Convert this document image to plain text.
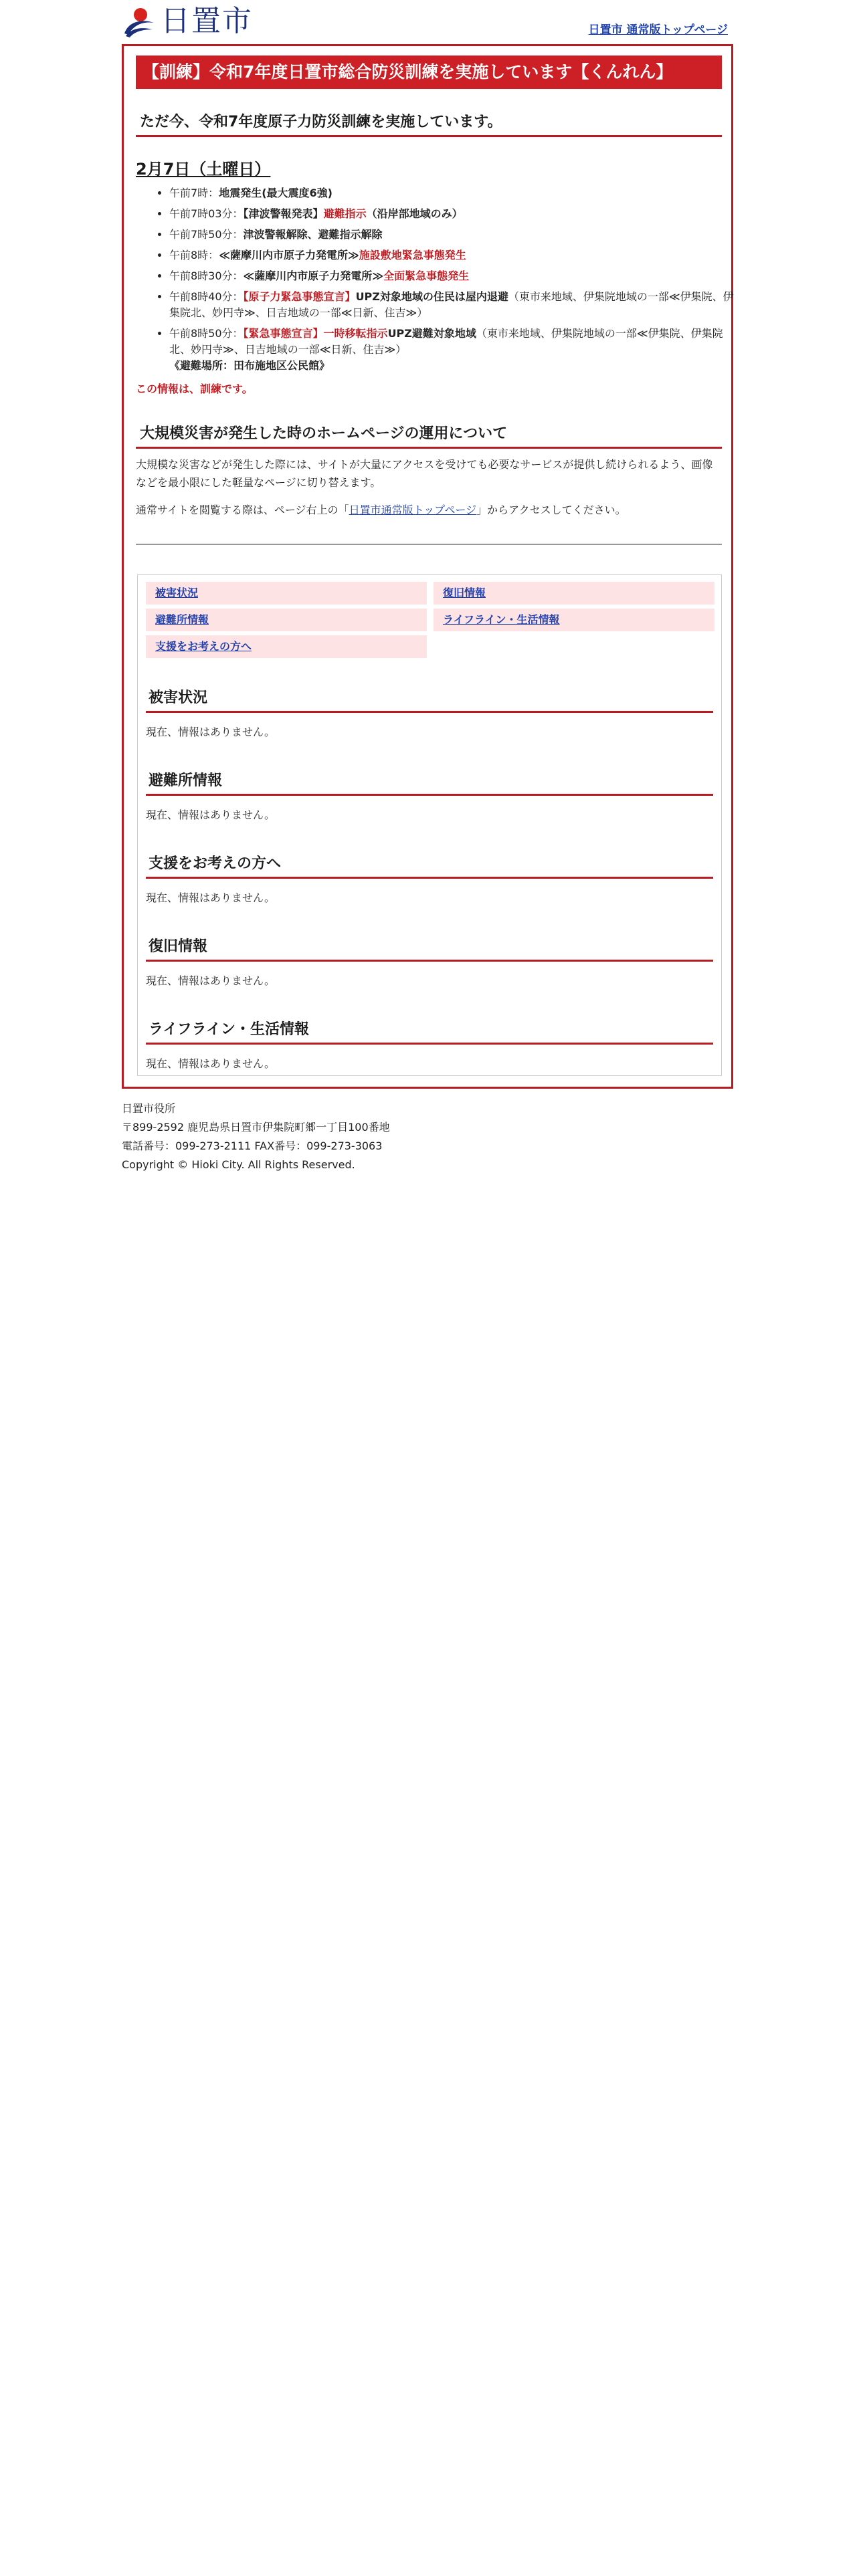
日置市	日置市 通常版トップページ
【訓練】令和7年度日置市総合防災訓練を実施しています【くんれん】
ただ今、令和7年度原子力防災訓練を実施しています。
2月7日（土曜日）
• 午前7時：地震発生(最大震度6強)
• 午前7時03分：【津波警報発表】避難指示（沿岸部地域のみ）
• 午前7時50分：津波警報解除、避難指示解除
• 午前8時：≪薩摩川内市原子力発電所≫施設敷地緊急事態発生
• 午前8時30分：≪薩摩川内市原子力発電所≫全面緊急事態発生
• 午前8時40分：【原子力緊急事態宣言】UPZ対象地域の住民は屋内退避（東市来地域、伊集院地域の一部≪伊集院、伊集院北、妙円寺≫、日吉地域の一部≪日新、住吉≫）
• 午前8時50分：【緊急事態宣言】一時移転指示UPZ避難対象地域（東市来地域、伊集院地域の一部≪伊集院、伊集院北、妙円寺≫、日吉地域の一部≪日新、住吉≫）
《避難場所：田布施地区公民館》
この情報は、訓練です。
大規模災害が発生した時のホームページの運用について
大規模な災害などが発生した際には、サイトが大量にアクセスを受けても必要なサービスが提供し続けられるよう、画像などを最小限にした軽量なページに切り替えます。
通常サイトを閲覧する際は、ページ右上の「日置市通常版トップページ」からアクセスしてください。
被害状況	復旧情報
避難所情報	ライフライン・生活情報
支援をお考えの方へ
被害状況
現在、情報はありません。
避難所情報
現在、情報はありません。
支援をお考えの方へ
現在、情報はありません。
復旧情報
現在、情報はありません。
ライフライン・生活情報
現在、情報はありません。
日置市役所
〒899-2592 鹿児島県日置市伊集院町郷一丁目100番地
電話番号：099-273-2111 FAX番号：099-273-3063
Copyright © Hioki City. All Rights Reserved.
